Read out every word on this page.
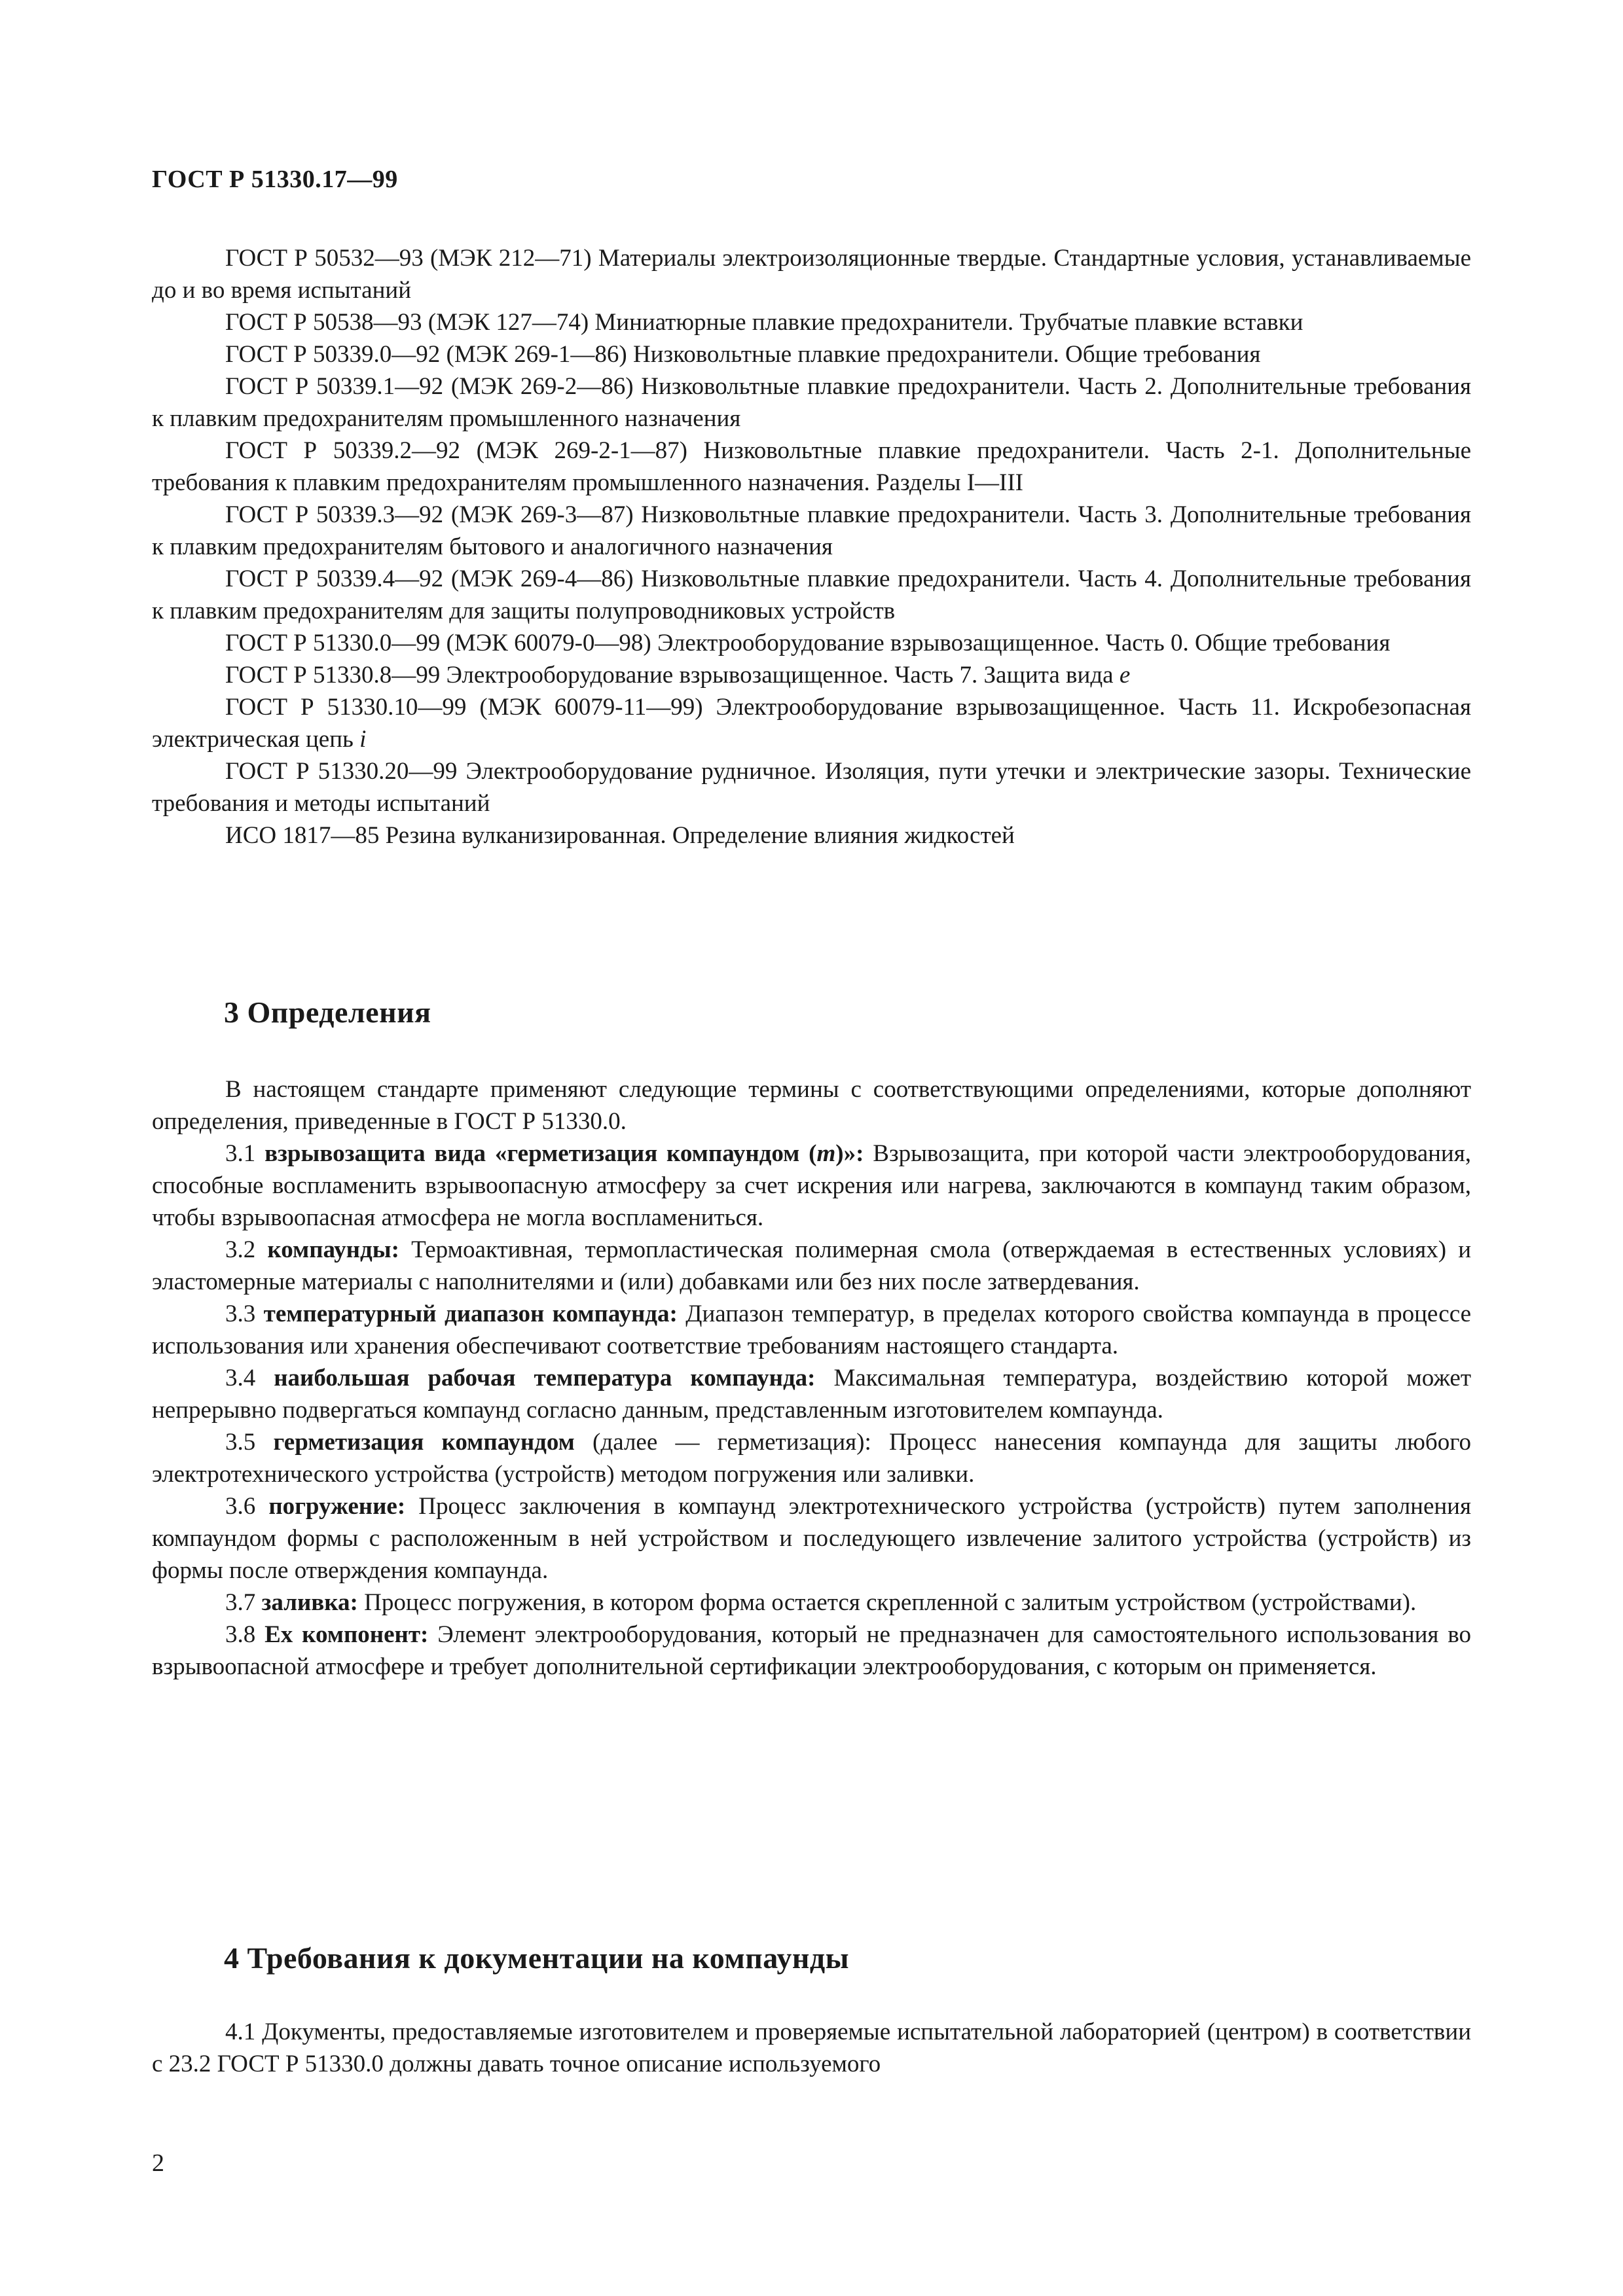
ГОСТ Р 51330.17—99

ГОСТ Р 50532—93 (МЭК 212—71) Материалы электроизоляционные твердые. Стандартные условия, устанавливаемые до и во время испытаний

ГОСТ Р 50538—93 (МЭК 127—74) Миниатюрные плавкие предохранители. Трубчатые плавкие вставки

ГОСТ Р 50339.0—92 (МЭК 269-1—86) Низковольтные плавкие предохранители. Общие требования

ГОСТ Р 50339.1—92 (МЭК 269-2—86) Низковольтные плавкие предохранители. Часть 2. Дополнительные требования к плавким предохранителям промышленного назначения

ГОСТ Р 50339.2—92 (МЭК 269-2-1—87) Низковольтные плавкие предохранители. Часть 2-1. Дополнительные требования к плавким предохранителям промышленного назначения. Разделы I—III

ГОСТ Р 50339.3—92 (МЭК 269-3—87) Низковольтные плавкие предохранители. Часть 3. Дополнительные требования к плавким предохранителям бытового и аналогичного назначения

ГОСТ Р 50339.4—92 (МЭК 269-4—86) Низковольтные плавкие предохранители. Часть 4. Дополнительные требования к плавким предохранителям для защиты полупроводниковых устройств

ГОСТ Р 51330.0—99 (МЭК 60079-0—98) Электрооборудование взрывозащищенное. Часть 0. Общие требования

ГОСТ Р 51330.8—99 Электрооборудование взрывозащищенное. Часть 7. Защита вида e

ГОСТ Р 51330.10—99 (МЭК 60079-11—99) Электрооборудование взрывозащищенное. Часть 11. Искробезопасная электрическая цепь i

ГОСТ Р 51330.20—99 Электрооборудование рудничное. Изоляция, пути утечки и электрические зазоры. Технические требования и методы испытаний

ИСО 1817—85 Резина вулканизированная. Определение влияния жидкостей

3 Определения

В настоящем стандарте применяют следующие термины с соответствующими определениями, которые дополняют определения, приведенные в ГОСТ Р 51330.0.

3.1 взрывозащита вида «герметизация компаундом (m)»: Взрывозащита, при которой части электрооборудования, способные воспламенить взрывоопасную атмосферу за счет искрения или нагрева, заключаются в компаунд таким образом, чтобы взрывоопасная атмосфера не могла воспламениться.

3.2 компаунды: Термоактивная, термопластическая полимерная смола (отверждаемая в естественных условиях) и эластомерные материалы с наполнителями и (или) добавками или без них после затвердевания.

3.3 температурный диапазон компаунда: Диапазон температур, в пределах которого свойства компаунда в процессе использования или хранения обеспечивают соответствие требованиям настоящего стандарта.

3.4 наибольшая рабочая температура компаунда: Максимальная температура, воздействию которой может непрерывно подвергаться компаунд согласно данным, представленным изготовителем компаунда.

3.5 герметизация компаундом (далее — герметизация): Процесс нанесения компаунда для защиты любого электротехнического устройства (устройств) методом погружения или заливки.

3.6 погружение: Процесс заключения в компаунд электротехнического устройства (устройств) путем заполнения компаундом формы с расположенным в ней устройством и последующего извлечение залитого устройства (устройств) из формы после отверждения компаунда.

3.7 заливка: Процесс погружения, в котором форма остается скрепленной с залитым устройством (устройствами).

3.8 Ex компонент: Элемент электрооборудования, который не предназначен для самостоятельного использования во взрывоопасной атмосфере и требует дополнительной сертификации электрооборудования, с которым он применяется.

4 Требования к документации на компаунды

4.1 Документы, предоставляемые изготовителем и проверяемые испытательной лабораторией (центром) в соответствии с 23.2 ГОСТ Р 51330.0 должны давать точное описание используемого

2
